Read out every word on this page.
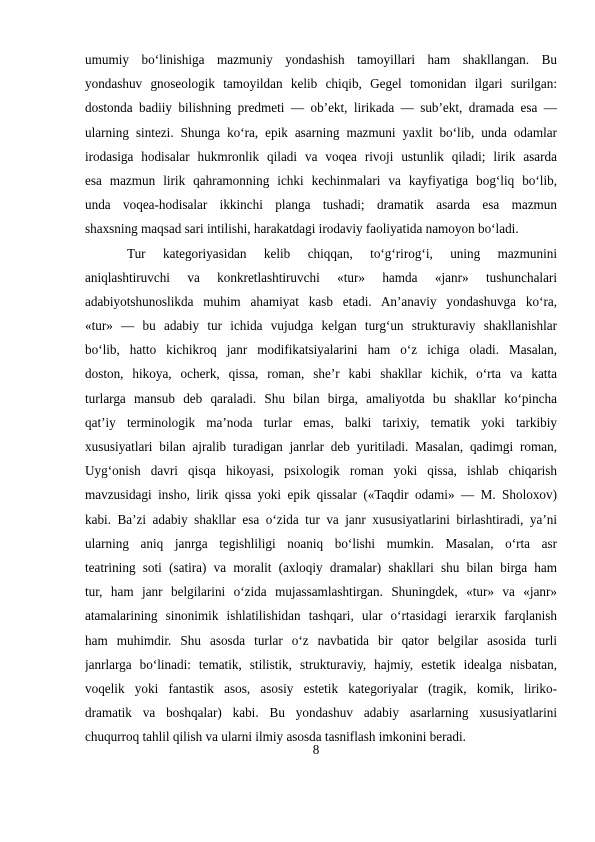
umumiy bo‘linishiga mazmuniy yondashish tamoyillari ham shakllangan. Bu
yondashuv gnoseologik tamoyildan kelib chiqib, Gegel tomonidan ilgari surilgan:
dostonda badiiy bilishning predmeti — ob’ekt, lirikada — sub’ekt, dramada esa —
ularning sintezi. Shunga ko‘ra, epik asarning mazmuni yaxlit bo‘lib, unda odamlar
irodasiga hodisalar hukmronlik qiladi va voqea rivoji ustunlik qiladi; lirik asarda
esa mazmun lirik qahramonning ichki kechinmalari va kayfiyatiga bog‘liq bo‘lib,
unda voqea-hodisalar ikkinchi planga tushadi; dramatik asarda esa mazmun
shaxsning maqsad sari intilishi, harakatdagi irodaviy faoliyatida namoyon bo‘ladi.
Tur kategoriyasidan kelib chiqqan, to‘g‘rirog‘i, uning mazmunini
aniqlashtiruvchi va konkretlashtiruvchi «tur» hamda «janr» tushunchalari
adabiyotshunoslikda muhim ahamiyat kasb etadi. An’anaviy yondashuvga ko‘ra,
«tur» — bu adabiy tur ichida vujudga kelgan turg‘un strukturaviy shakllanishlar
bo‘lib, hatto kichikroq janr modifikatsiyalarini ham o‘z ichiga oladi. Masalan,
doston, hikoya, ocherk, qissa, roman, she’r kabi shakllar kichik, o‘rta va katta
turlarga mansub deb qaraladi. Shu bilan birga, amaliyotda bu shakllar ko‘pincha
qat’iy terminologik ma’noda turlar emas, balki tarixiy, tematik yoki tarkibiy
xususiyatlari bilan ajralib turadigan janrlar deb yuritiladi. Masalan, qadimgi roman,
Uyg‘onish davri qisqa hikoyasi, psixologik roman yoki qissa, ishlab chiqarish
mavzusidagi insho, lirik qissa yoki epik qissalar («Taqdir odami» — M. Sholoxov)
kabi. Ba’zi adabiy shakllar esa o‘zida tur va janr xususiyatlarini birlashtiradi, ya’ni
ularning aniq janrga tegishliligi noaniq bo‘lishi mumkin. Masalan, o‘rta asr
teatrining soti (satira) va moralit (axloqiy dramalar) shakllari shu bilan birga ham
tur, ham janr belgilarini o‘zida mujassamlashtirgan. Shuningdek, «tur» va «janr»
atamalarining sinonimik ishlatilishidan tashqari, ular o‘rtasidagi ierarxik farqlanish
ham muhimdir. Shu asosda turlar o‘z navbatida bir qator belgilar asosida turli
janrlarga bo‘linadi: tematik, stilistik, strukturaviy, hajmiy, estetik idealga nisbatan,
voqelik yoki fantastik asos, asosiy estetik kategoriyalar (tragik, komik, liriko-
dramatik va boshqalar) kabi. Bu yondashuv adabiy asarlarning xususiyatlarini
chuqurroq tahlil qilish va ularni ilmiy asosda tasniflash imkonini beradi.
8
